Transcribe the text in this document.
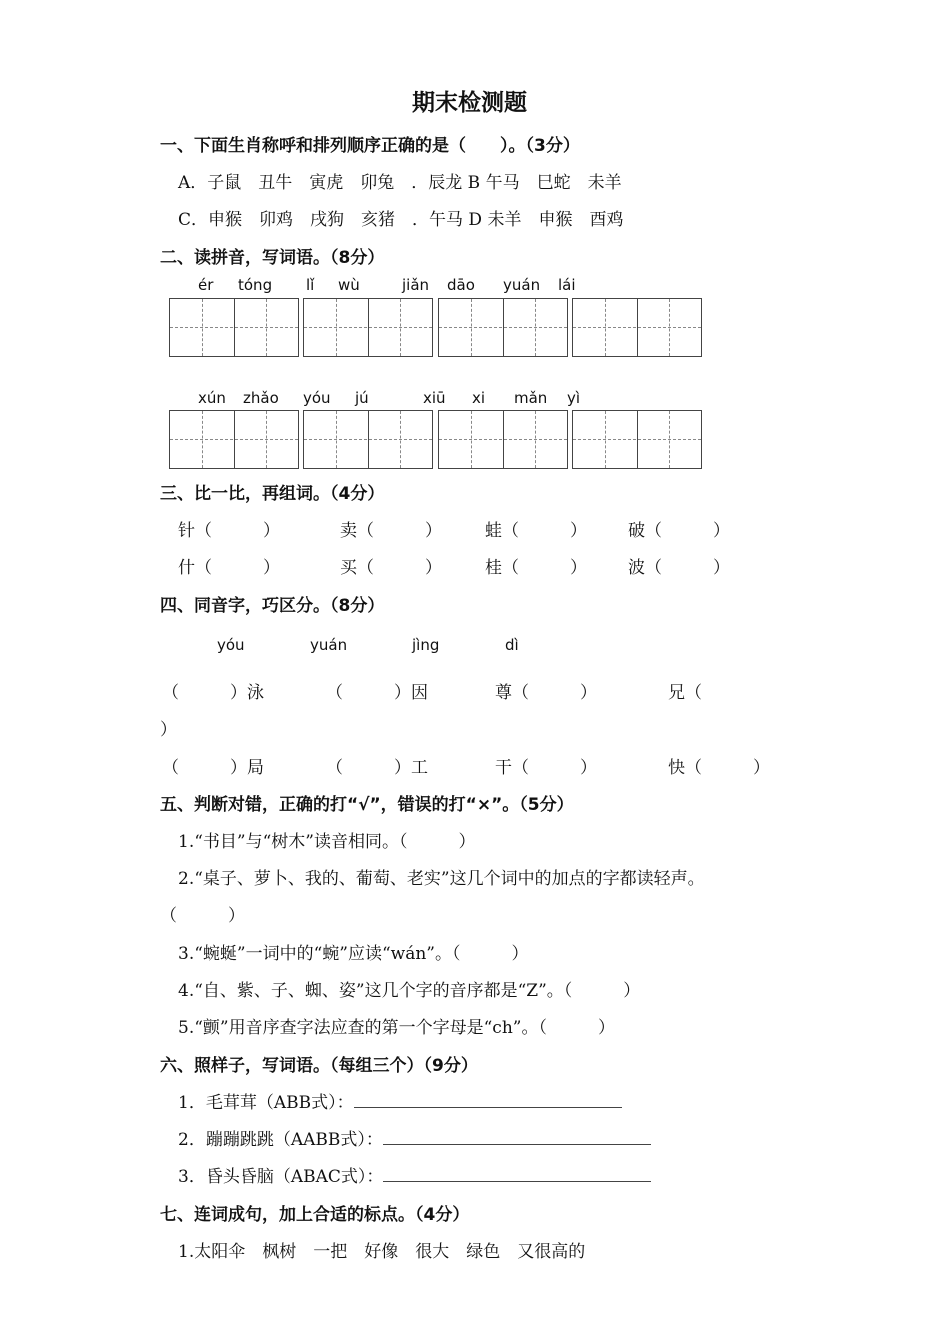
期末检测题
一、下面生肖称呼和排列顺序正确的是（　　）。（3分）
A．子鼠　丑牛　寅虎　卯兔　．辰龙 B 午马　巳蛇　未羊
C．申猴　卯鸡　戌狗　亥猪　．午马 D 未羊　申猴　酉鸡
二、读拼音，写词语。（8分）
ér tóng lǐ wù	jiǎn dāo yuán lái
xún zhǎo yóu jú	xiū xi mǎn yì
三、比一比，再组词。（4分）
针（　　　）	卖（　　　）	蛙（　　　） 破（　　　）
什（　　　）	买（　　　）	桂（　　　） 波（　　　）
四、同音字，巧区分。（8分）
yóu	yuán	jìng	dì
（　　　）泳	（　　　）因	尊（　　　）	兄（
）
（　　　）局	（　　　）工	干（　　　）	快（　　　）
五、判断对错，正确的打“√”，错误的打“×”。（5分）
1.“书目”与“树木”读音相同。（　　　）
2.“桌子、萝卜、我的、葡萄、老实”这几个词中的加点的字都读轻声。
（　　　）
3.“蜿蜒”一词中的“蜿”应读“wán”。（　　　）
4.“自、紫、子、蜘、姿”这几个字的音序都是“Z”。（　　　）
5.“颤”用音序查字法应查的第一个字母是“ch”。（　　　）
六、照样子，写词语。（每组三个）（9分）
1．毛茸茸（ABB式）：
2．蹦蹦跳跳（AABB式）：
3．昏头昏脑（ABAC式）：
七、连词成句，加上合适的标点。（4分）
1.太阳伞　枫树　一把　好像　很大　绿色　又很高的
